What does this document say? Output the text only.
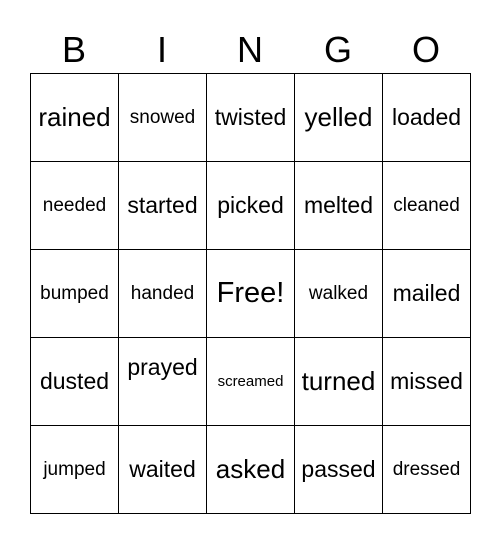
B	I	N	G	O
rained	snowed	twisted	yelled	loaded
needed	started	picked	melted	cleaned
bumped	handed	Free!	walked	mailed
dusted	prayed	screamed	turned	missed
jumped	waited	asked	passed	dressed
